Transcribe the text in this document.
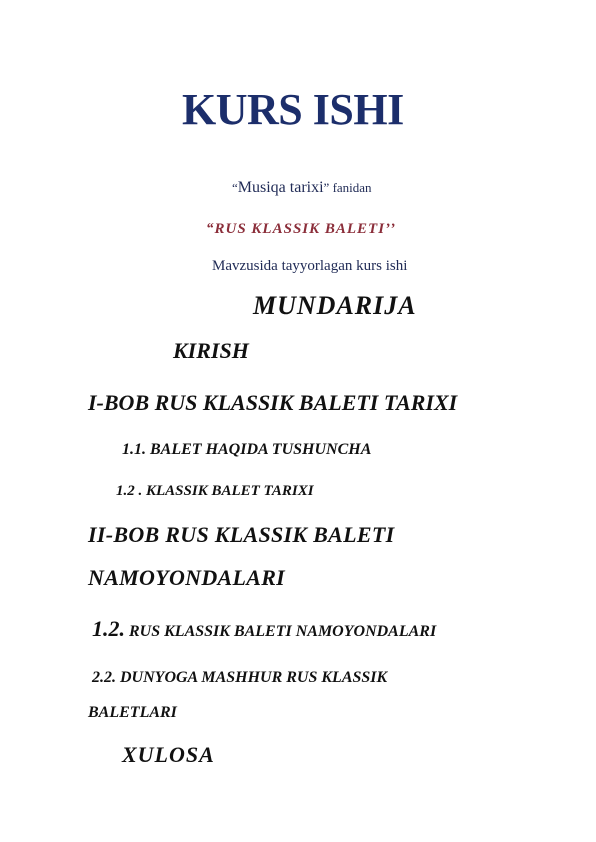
KURS ISHI
“Musiqa tarixi” fanidan
“RUS KLASSIK BALETI’’
Mavzusida tayyorlagan kurs ishi
MUNDARIJA
KIRISH
I-BOB RUS KLASSIK BALETI TARIXI
1.1. BALET HAQIDA TUSHUNCHA
1.2 . KLASSIK BALET TARIXI
II-BOB RUS KLASSIK BALETI
NAMOYONDALARI
1.2. RUS KLASSIK BALETI NAMOYONDALARI
2.2. DUNYOGA MASHHUR RUS KLASSIK
BALETLARI
XULOSA
